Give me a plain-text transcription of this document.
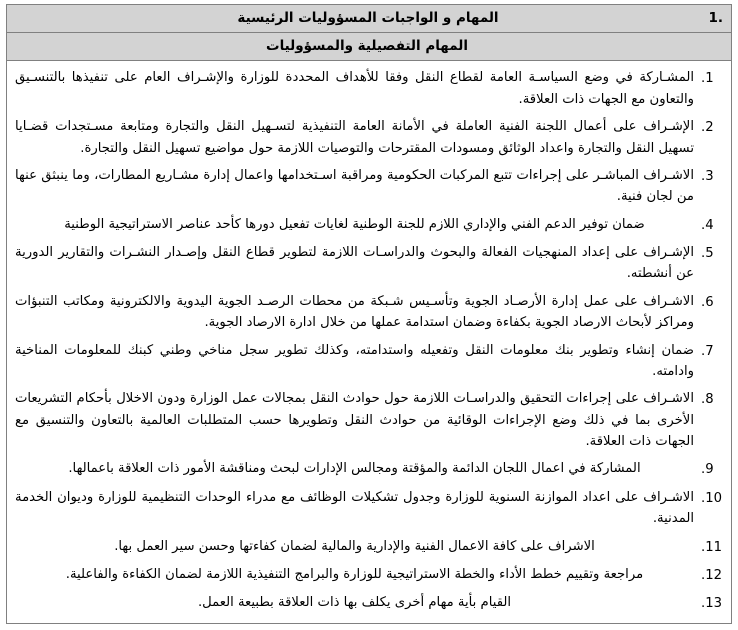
.1
المهام و الواجبات المسؤوليات الرئيسية

المهام التفصيلية والمسؤوليات

.1
المشـاركة في وضع السياسـة العامة لقطاع النقل وفقا للأهداف المحددة للوزارة والإشـراف العام على تنفيذها بالتنسـيق والتعاون مع الجهات ذات العلاقة.
.2
الإشـراف على أعمال اللجنة الفنية العاملة في الأمانة العامة التنفيذية لتسـهيل النقل والتجارة ومتابعة مسـتجدات قضـايا تسهيل النقل والتجارة واعداد الوثائق ومسودات المقترحات والتوصيات اللازمة حول مواضيع تسهيل النقل والتجارة.
.3
الاشـراف المباشـر على إجراءات تتبع المركبات الحكومية ومراقبة اسـتخدامها واعمال إدارة مشـاريع المطارات، وما ينبثق عنها من لجان فنية.
.4
ضمان توفير الدعم الفني والإداري اللازم للجنة الوطنية لغايات تفعيل دورها كأحد عناصر الاستراتيجية الوطنية
.5
الإشـراف على إعداد المنهجيات الفعالة والبحوث والدراسـات اللازمة لتطوير قطاع النقل وإصـدار النشـرات والتقارير الدورية عن أنشطته.
.6
الاشـراف على عمل إدارة الأرصـاد الجوية وتأسـيس شـبكة من محطات الرصـد الجوية اليدوية والالكترونية ومكاتب التنبؤات ومراكز لأبحاث الارصاد الجوية بكفاءة وضمان استدامة عملها من خلال ادارة الارصاد الجوية.
.7
ضمان إنشاء وتطوير بنك معلومات النقل وتفعيله واستدامته، وكذلك تطوير سجل مناخي وطني كبنك للمعلومات المناخية وادامته.
.8
الاشـراف على إجراءات التحقيق والدراسـات اللازمة حول حوادث النقل بمجالات عمل الوزارة ودون الاخلال بأحكام التشريعات الأخرى بما في ذلك وضع الإجراءات الوقائية من حوادث النقل وتطويرها حسب المتطلبات العالمية بالتعاون والتنسيق مع الجهات ذات العلاقة.
.9
المشاركة في اعمال اللجان الدائمة والمؤقتة ومجالس الإدارات لبحث ومناقشة الأمور ذات العلاقة باعمالها.
.10
الاشـراف على اعداد الموازنة السنوية للوزارة وجدول تشكيلات الوظائف مع مدراء الوحدات التنظيمية للوزارة وديوان الخدمة المدنية.
.11
الاشراف على كافة الاعمال الفنية والإدارية والمالية لضمان كفاءتها وحسن سير العمل بها.
.12
مراجعة وتقييم خطط الأداء والخطة الاستراتيجية للوزارة والبرامج التنفيذية اللازمة لضمان الكفاءة والفاعلية.
.13
القيام بأية مهام أخرى يكلف بها ذات العلاقة بطبيعة العمل.
